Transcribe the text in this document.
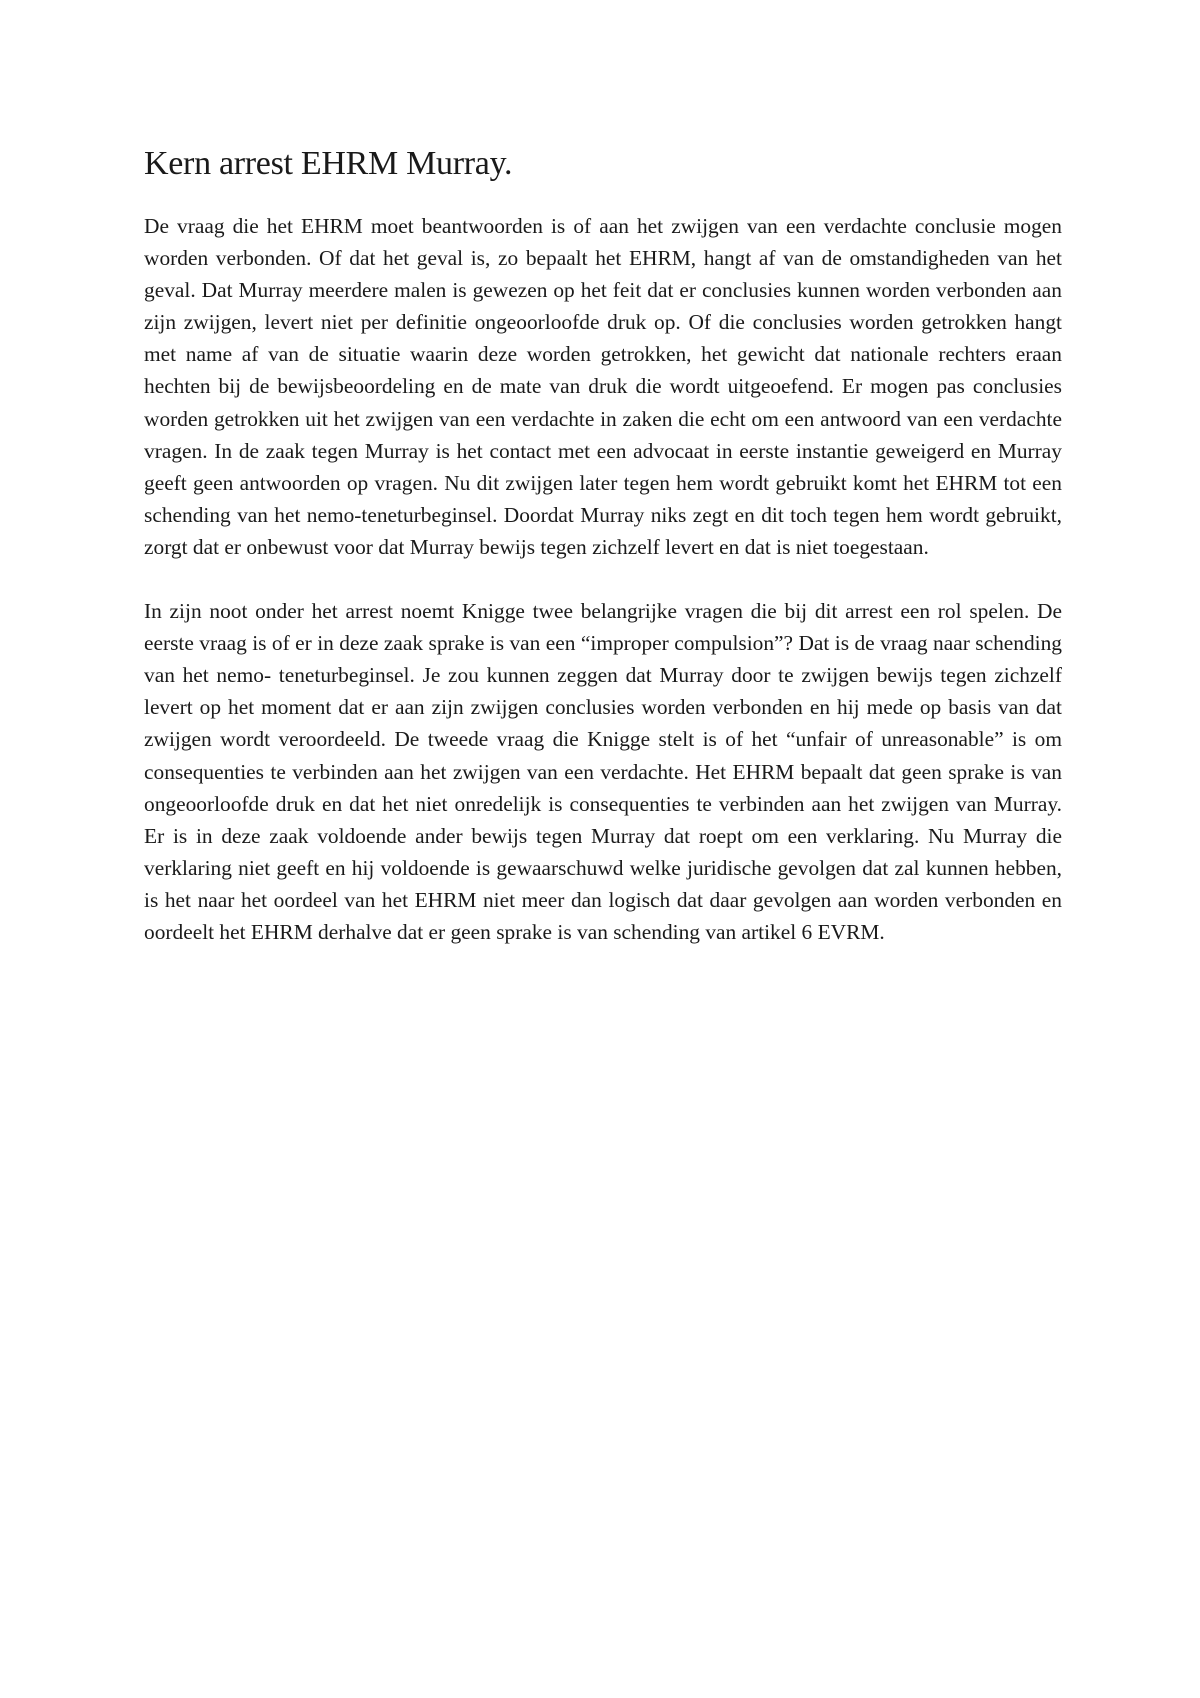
Kern arrest EHRM Murray.

De vraag die het EHRM moet beantwoorden is of aan het zwijgen van een verdachte conclusie mogen worden verbonden. Of dat het geval is, zo bepaalt het EHRM, hangt af van de omstandigheden van het geval. Dat Murray meerdere malen is gewezen op het feit dat er conclusies kunnen worden verbonden aan zijn zwijgen, levert niet per definitie ongeoorloofde druk op. Of die conclusies worden getrokken hangt met name af van de situatie waarin deze worden getrokken, het gewicht dat nationale rechters eraan hechten bij de bewijsbeoordeling en de mate van druk die wordt uitgeoefend. Er mogen pas conclusies worden getrokken uit het zwijgen van een verdachte in zaken die echt om een antwoord van een verdachte vragen. In de zaak tegen Murray is het contact met een advocaat in eerste instantie geweigerd en Murray geeft geen antwoorden op vragen. Nu dit zwijgen later tegen hem wordt gebruikt komt het EHRM tot een schending van het nemo-teneturbeginsel. Doordat Murray niks zegt en dit toch tegen hem wordt gebruikt, zorgt dat er onbewust voor dat Murray bewijs tegen zichzelf levert en dat is niet toegestaan.

In zijn noot onder het arrest noemt Knigge twee belangrijke vragen die bij dit arrest een rol spelen. De eerste vraag is of er in deze zaak sprake is van een “improper compulsion”? Dat is de vraag naar schending van het nemo- teneturbeginsel. Je zou kunnen zeggen dat Murray door te zwijgen bewijs tegen zichzelf levert op het moment dat er aan zijn zwijgen conclusies worden verbonden en hij mede op basis van dat zwijgen wordt veroordeeld. De tweede vraag die Knigge stelt is of het “unfair of unreasonable” is om consequenties te verbinden aan het zwijgen van een verdachte. Het EHRM bepaalt dat geen sprake is van ongeoorloofde druk en dat het niet onredelijk is consequenties te verbinden aan het zwijgen van Murray. Er is in deze zaak voldoende ander bewijs tegen Murray dat roept om een verklaring. Nu Murray die verklaring niet geeft en hij voldoende is gewaarschuwd welke juridische gevolgen dat zal kunnen hebben, is het naar het oordeel van het EHRM niet meer dan logisch dat daar gevolgen aan worden verbonden en oordeelt het EHRM derhalve dat er geen sprake is van schending van artikel 6 EVRM.
